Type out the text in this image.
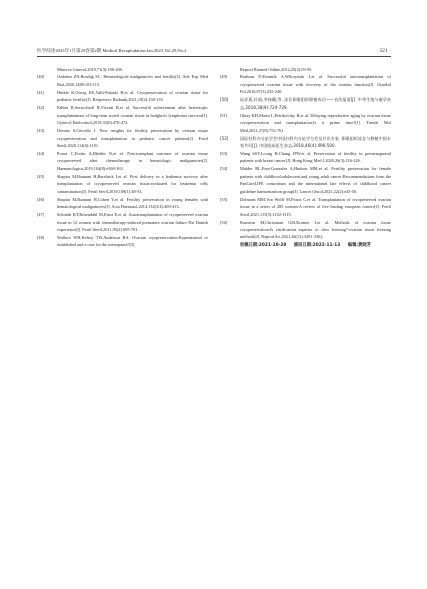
医学综述2023年1月第29卷第2期 Medical Recapitulation,Jan.2023,Vol.29,No.2	· 321 ·
Minerva Ginecol,2019,71(3):196-206.
[40]	Ozdemir ZN,Bozdağ SC. Hematological malignancies and fertility[J]. Adv Exp Med Biol,2020,1288:103-115.
[41]	Hinkle K,Orwig KE,Valli-Pulaski H,et al. Cryopreservation of ovarian tissue for pediatric fertility[J]. Biopreserv Biobank,2021,19(2):130-135.
[42]	Fabbri R,Seracchioli R,Vicenti R,et al. Successful achievement after heterotopic transplantations of long-term stored ovarian tissue in hodgkin's lymphoma survivor[J]. Gynecol Endocrinol,2019,35(6):470-472.
[43]	Dermiz S,Cercello I. New insights for fertility preservation by ovarian tissue cryopreservation and transplantation in pediatric cancer patients[J]. Fertil Steril,2020,114(6):1191.
[44]	Poirot C,Fortin A,Dhédin N,et al. Post-transplant outcome of ovarian tissue cryopreserved after chemotherapy in hematologic malignancies[J]. Haematologica,2019,104(8):e360-363.
[45]	Shapira M,Raanani H,Barshack I,et al. First delivery in a leukemia survivor after transplantation of cryopreserved ovarian tissue,evaluated for leukemia cells contamination[J]. Fertil Steril,2018,109(1):48-53.
[46]	Shapira M,Raanani H,Cohen Y,et al. Fertility preservation in young females with hematological malignancies[J]. Acta Haematol,2014,132(3/4):400-413.
[47]	Schmidt KT,Rosendahl M,Ernst E,et al. Autotransplantation of cryopreserved ovarian tissue in 12 women with chemotherapy-induced premature ovarian failure:The Danish experience[J]. Fertil Steril,2011,95(2):695-701.
[48]	Wallace WH,Kelsey TW,Anderson RA. Ovarian cryopreservation:Experimental or established and a cure for the menopause?[J].
Reprod Biomed Online,2012,25(2):93-95.
[49]	Radwan P,Abramik A,Wilczyński J,et al. Successful autotransplantation of cryopreserved ovarian tissue with recovery of the ovarian function[J]. Ginekol Pol,2016,87(3):235-240.
[50]	阮祥燕,杜娟,李扬璐,等. 冻存卵巢组织移植成功——首次报道[J]. 中华生殖与避孕杂志,2018,38(9):724-729.
[51]	Oktay KH,Marin L,Petrikovsky B,et al. Delaying reproductive aging by ovarian tissue cryopreservation and transplantation:Is it prime time?[J]. Trends Mol Med,2021,27(8):753-761.
[52]	国际妇科内分泌学会中国妇科内分泌学分会及共识专家. 卵巢组织冻存与移植中国专家共识[J]. 中国临床医生杂志,2018,46(4):496-500.
[53]	Wang SSY,Loong H,Chung JPW,et al. Preservation of fertility in premenopausal patients with breast cancer[J]. Hong Kong Med J,2020,26(3):216-226.
[54]	Mulder RL,Font-Gonzalez A,Hudson MM,et al. Fertility preservation for female patients with childhood,adolescent,and young adult cancer:Recommendations from the PanCareLIFE consortium and the international late effects of childhood cancer guideline harmonization group[J]. Lancet Oncol,2021,22(2):e45-56.
[55]	Dolmans MM,Von Wolff M,Poirot C,et al. Transplantation of cryopreserved ovarian tissue in a series of 285 women:A review of five leading european centers[J]. Fertil Steril,2021,115(5):1102-1115.
[56]	Kometas M,Christman GM,Kramer J,et al. Methods of ovarian tissue cryopreservation:Is vitrification superior to slow freezing?-ovarian tissue freezing methods[J]. Reprod Sci,2021,28(12):3291-3302.
收稿日期:2021-10-28 修回日期:2022-11-13 编辑:黄晓芳
